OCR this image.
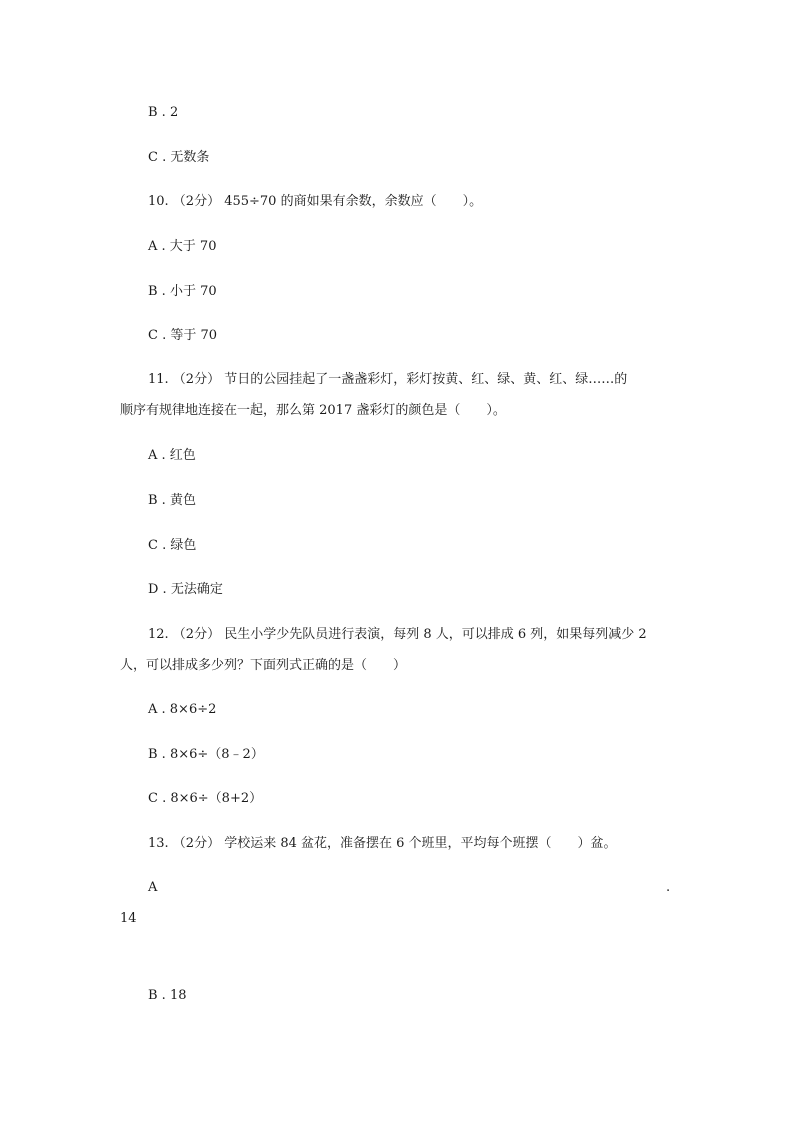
B . 2
C . 无数条
10. （2分） 455÷70 的商如果有余数，余数应（　　）。
A . 大于 70
B . 小于 70
C . 等于 70
11. （2分） 节日的公园挂起了一盏盏彩灯，彩灯按黄、红、绿、黄、红、绿……的
顺序有规律地连接在一起，那么第 2017 盏彩灯的颜色是（　　）。
A . 红色
B . 黄色
C . 绿色
D . 无法确定
12. （2分） 民生小学少先队员进行表演，每列 8 人，可以排成 6 列，如果每列减少 2
人，可以排成多少列？下面列式正确的是（　　）
A . 8×6÷2
B . 8×6÷（8﹣2）
C . 8×6÷（8+2）
13. （2分） 学校运来 84 盆花，准备摆在 6 个班里，平均每个班摆（　　）盆。
A	.
14
B . 18
